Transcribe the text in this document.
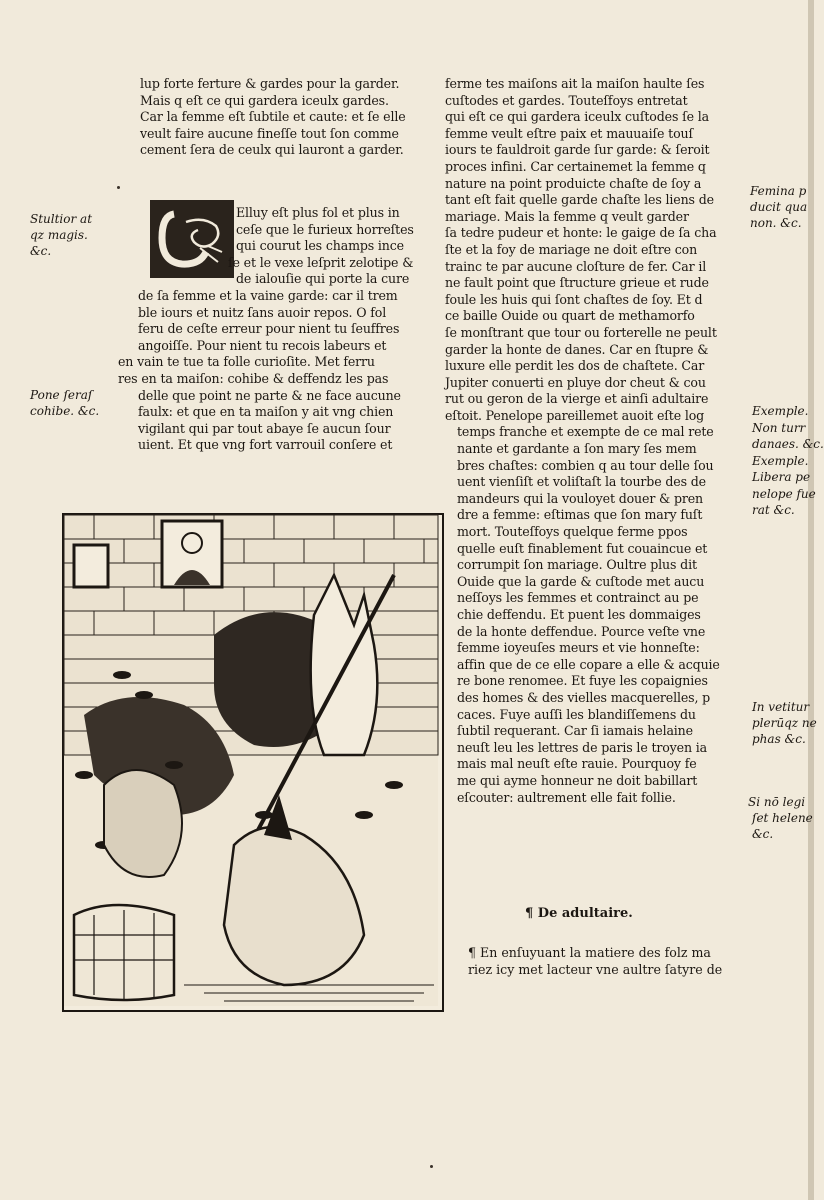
lup forte ferture & gardes pour la garder.
Mais q eſt ce qui gardera iceulx gardes.
Car la femme eſt ſubtile et caute: et ſe elle
veult faire aucune fineſſe tout ſon comme
cement ſera de ceulx qui lauront a garder.
Elluy eſt plus fol et plus in
ceſe que le furieux horreſtes
qui courut les champs ince
ſe et le vexe leſprit zelotipe &
de ialouſie qui porte la cure
de ſa femme et la vaine garde: car il trem
ble iours et nuitz ſans auoir repos. O fol
feru de ceſte erreur pour nient tu ſeuffres
angoiſſe. Pour nient tu recois labeurs et
en vain te tue ta folle curioſite. Met ferru
res en ta maiſon: cohibe & deffendz les pas
delle que point ne parte & ne face aucune
faulx: et que en ta maiſon y ait vng chien
vigilant qui par tout abaye ſe aucun ſour
uient. Et que vng fort varrouil conſere et
Stultior at
qz magis.
&c.
Pone ſeraſ
cohibe. &c.
ferme tes maiſons ait la maiſon haulte ſes
cuſtodes et gardes. Touteſfoys entretat
qui eſt ce qui gardera iceulx cuſtodes ſe la
femme veult eſtre paix et mauuaiſe touſ
iours te fauldroit garde ſur garde: & ſeroit
proces infini. Car certainemet la femme q
nature na point produicte chaſte de ſoy a
tant eſt fait quelle garde chaſte les liens de
mariage. Mais la femme q veult garder
ſa tedre pudeur et honte: le gaige de ſa cha
ſte et la foy de mariage ne doit eſtre con
trainc te par aucune cloſture de fer. Car il
ne fault point que ſtructure grieue et rude
foule les huis qui ſont chaſtes de ſoy. Et d
ce baille Ouide ou quart de methamorfo
ſe monſtrant que tour ou forterelle ne peult
garder la honte de danes. Car en ſtupre &
luxure elle perdit les dos de chaſtete. Car
Jupiter conuerti en pluye dor cheut & cou
rut ou geron de la vierge et ainſi adultaire
eſtoit. Penelope pareillemet auoit eſte log
temps franche et exempte de ce mal rete
nante et gardante a ſon mary ſes mem
bres chaſtes: combien q au tour delle ſou
uent vienſiſt et voliſtaſt la tourbe des de
mandeurs qui la vouloyet douer & pren
dre a femme: eſtimas que ſon mary fuſt
mort. Touteſfoys quelque ferme ppos
quelle euſt finablement fut couaincue et
corrumpit ſon mariage. Oultre plus dit
Ouide que la garde & cuſtode met aucu
neſſoys les femmes et contrainct au pe
chie deffendu. Et puent les dommaiges
de la honte deffendue. Pource veſte vne
femme ioyeuſes meurs et vie honneſte:
affin que de ce elle copare a elle & acquie
re bone renomee. Et fuye les copaignies
des homes & des vielles macquerelles, p
caces. Fuye auſſi les blandiſſemens du
ſubtil requerant. Car ſi iamais helaine
neuſt leu les lettres de paris le troyen ia
mais mal neuſt eſte rauie. Pourquoy fe
me qui ayme honneur ne doit babillart
eſcouter: aultrement elle fait follie.
Femina p
ducit qua
non. &c.
Exemple.
Non turr
danaes. &c.
Exemple.
Libera pe
nelope fue
rat &c.
In vetitur
plerūqz ne
phas &c.
Si nō legi
ſet helene
&c.
¶ De adultaire.
¶ En enſuyuant la matiere des folz ma
riez icy met lacteur vne aultre ſatyre de
